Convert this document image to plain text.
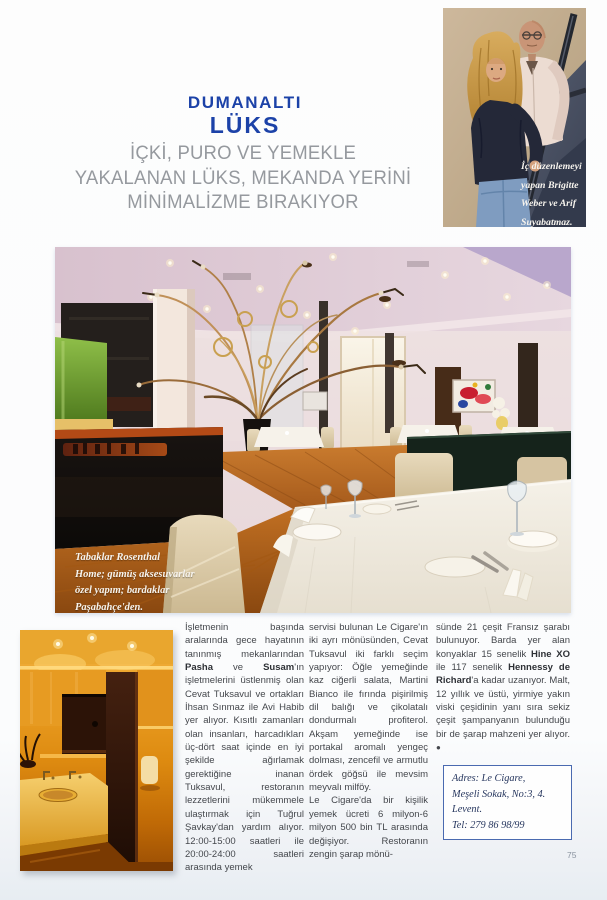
DUMANALTI
LÜKS
İÇKİ, PURO VE YEMEKLE
YAKALANAN LÜKS, MEKANDA YERİNİ
MİNİMALİZME BIRAKIYOR
İç düzenlemeyi
yapan Brigitte
Weber ve Arif
Suyabatmaz.
Tabaklar Rosenthal
Home; gümüş aksesuvarlar
özel yapım; bardaklar
Paşabahçe'den.

İşletmenin başında aralarında gece hayatının tanınmış mekanlarından Pasha ve Susam'ın işletmelerini üstlenmiş olan Cevat Tuksavul ve ortakları İhsan Sınmaz ile Avi Habib yer alıyor. Kısıtlı zamanları olan insanları, harcadıkları üç-dört saat içinde en iyi şekilde ağırlamak gerektiğine inanan Tuksavul, restoranın lezzetlerini mükemmele ulaştırmak için Tuğrul Şavkay'dan yardım alıyor. 12:00-15:00 saatleri ile 20:00-24:00 saatleri arasında yemek

servisi bulunan Le Cigare'ın iki ayrı mönüsünden, Cevat Tuksavul iki farklı seçim yapıyor: Öğle yemeğinde kaz ciğerli salata, Martini Bianco ile fırında pişirilmiş dil balığı ve çikolatalı dondurmalı profiterol. Akşam yemeğinde ise portakal aromalı yengeç dolması, zencefil ve armutlu ördek göğsü ile mevsim meyvalı milföy.

Le Cigare'da bir kişilik yemek ücreti 6 milyon-6 milyon 500 bin TL arasında değişiyor. Restoranın zengin şarap mönü-

sünde 21 çeşit Fransız şarabı bulunuyor. Barda yer alan konyaklar 15 senelik Hine XO ile 117 senelik Hennessy de Richard'a kadar uzanıyor. Malt, 12 yıllık ve üstü, yirmiye yakın viski çeşidinin yanı sıra sekiz çeşit şampanyanın bulunduğu bir de şarap mahzeni yer alıyor. ●

Adres: Le Cigare,
Meşeli Sokak, No:3, 4. Levent.
Tel: 279 86 98/99
75
